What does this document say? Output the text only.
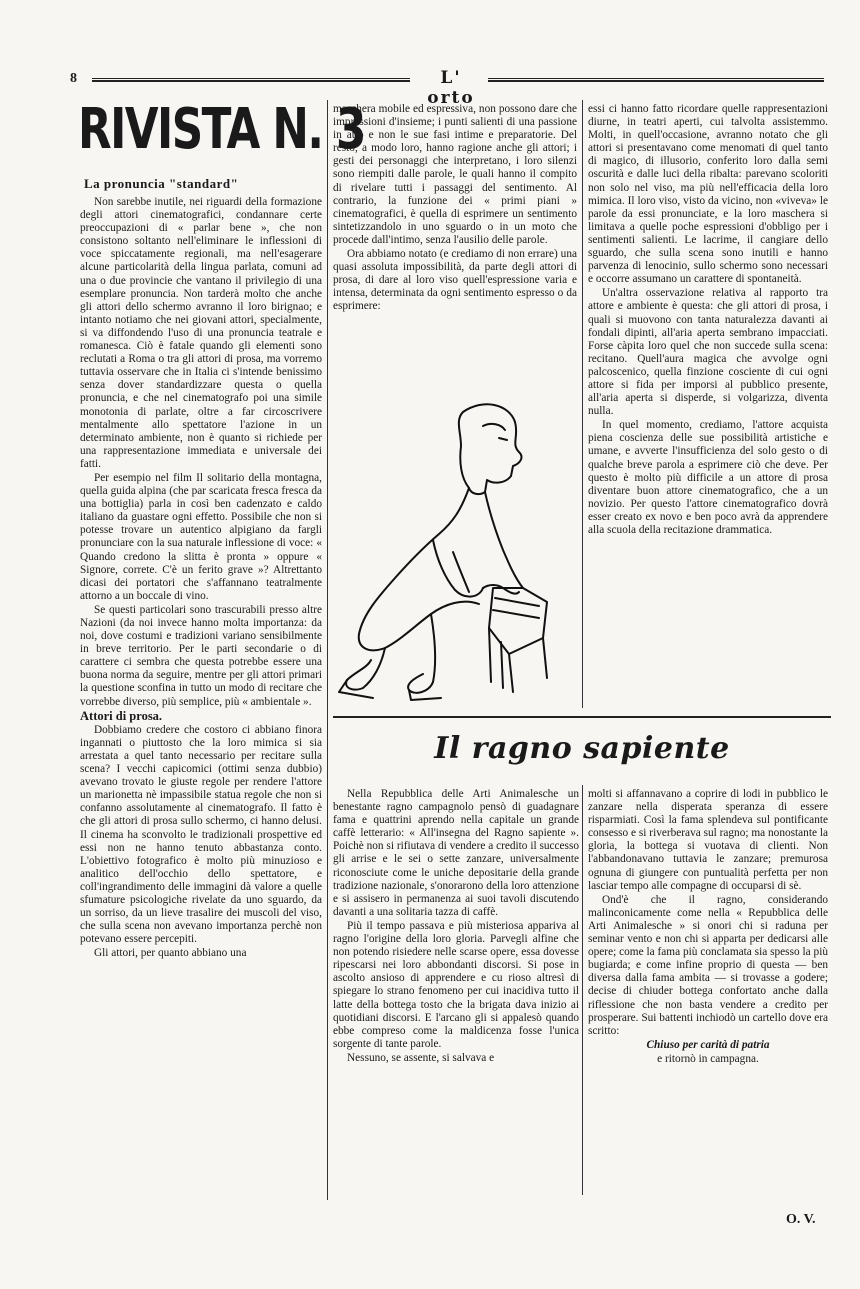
8	L' orto
RIVISTA N. 3
La pronuncia "standard"

Non sarebbe inutile, nei riguardi della formazione degli attori cinematografici, condannare certe preoccupazioni di « parlar bene », che non consistono soltanto nell'eliminare le inflessioni di voce spiccatamente regionali, ma nell'esagerare alcune particolarità della lingua parlata, comuni ad una o due provincie che vantano il privilegio di una esemplare pronuncia. Non tarderà molto che anche gli attori dello schermo avranno il loro birignao; e intanto notiamo che nei giovani attori, specialmente, si va diffondendo l'uso di una pronuncia teatrale e romanesca. Ciò è fatale quando gli elementi sono reclutati a Roma o tra gli attori di prosa, ma vorremo tuttavia osservare che in Italia ci s'intende benissimo senza dover standardizzare questa o quella pronuncia, e che nel cinematografo poi una simile monotonia di parlate, oltre a far circoscrivere mentalmente allo spettatore l'azione in un determinato ambiente, non è quanto si richiede per una rappresentazione immediata e universale dei fatti.

Per esempio nel film Il solitario della montagna, quella guida alpina (che par scaricata fresca fresca da una bottiglia) parla in così ben cadenzato e caldo italiano da guastare ogni effetto. Possibile che non si potesse trovare un autentico alpigiano da fargli pronunciare con la sua naturale inflessione di voce: « Quando credono la slitta è pronta » oppure « Signore, correte. C'è un ferito grave »? Altrettanto dicasi dei portatori che s'affannano teatralmente attorno a un boccale di vino.

Se questi particolari sono trascurabili presso altre Nazioni (da noi invece hanno molta importanza: da noi, dove costumi e tradizioni variano sensibilmente in breve territorio. Per le parti secondarie o di carattere ci sembra che questa potrebbe essere una buona norma da seguire, mentre per gli attori primari la questione sconfina in tutto un modo di recitare che vorrebbe diverso, più semplice, più « ambientale ».

Attori di prosa.

Dobbiamo credere che costoro ci abbiano finora ingannati o piuttosto che la loro mimica si sia arrestata a quel tanto necessario per recitare sulla scena? I vecchi capicomici (ottimi senza dubbio) avevano trovato le giuste regole per rendere l'attore un marionetta nè impassibile statua regole che non si confanno assolutamente al cinematografo. Il fatto è che gli attori di prosa sullo schermo, ci hanno delusi. Il cinema ha sconvolto le tradizionali prospettive ed essi non ne hanno tenuto abbastanza conto. L'obiettivo fotografico è molto più minuzioso e analitico dell'occhio dello spettatore, e coll'ingrandimento delle immagini dà valore a quelle sfumature psicologiche rivelate da uno sguardo, da un sorriso, da un lieve trasalire dei muscoli del viso, che sulla scena non avevano importanza perchè non potevano essere percepiti.

Gli attori, per quanto abbiano una

maschera mobile ed espressiva, non possono dare che impressioni d'insieme; i punti salienti di una passione in atto e non le sue fasi intime e preparatorie. Del resto, a modo loro, hanno ragione anche gli attori; i gesti dei personaggi che interpretano, i loro silenzi sono riempiti dalle parole, le quali hanno il compito di rivelare tutti i passaggi del sentimento. Al contrario, la funzione dei « primi piani » cinematografici, è quella di esprimere un sentimento sintetizzandolo in uno sguardo o in un moto che procede dall'intimo, senza l'ausilio delle parole.

Ora abbiamo notato (e crediamo di non errare) una quasi assoluta impossibilità, da parte degli attori di prosa, di dare al loro viso quell'espressione varia e intensa, determinata da ogni sentimento espresso o da esprimere:

essi ci hanno fatto ricordare quelle rappresentazioni diurne, in teatri aperti, cui talvolta assistemmo. Molti, in quell'occasione, avranno notato che gli attori si presentavano come menomati di quel tanto di magico, di illusorio, conferito loro dalla semi oscurità e dalle luci della ribalta: parevano scoloriti non solo nel viso, ma più nell'efficacia della loro mimica. Il loro viso, visto da vicino, non «viveva» le parole da essi pronunciate, e la loro maschera si limitava a quelle poche espressioni d'obbligo per i sentimenti salienti. Le lacrime, il cangiare dello sguardo, che sulla scena sono inutili e hanno parvenza di lenocinio, sullo schermo sono necessari e occorre assumano un carattere di spontaneità.

Un'altra osservazione relativa al rapporto tra attore e ambiente è questa: che gli attori di prosa, i quali si muovono con tanta naturalezza davanti ai fondali dipinti, all'aria aperta sembrano impacciati. Forse càpita loro quel che non succede sulla scena: recitano. Quell'aura magica che avvolge ogni palcoscenico, quella finzione cosciente di cui ogni attore si fida per imporsi al pubblico presente, all'aria aperta si disperde, si volgarizza, diventa nulla.

In quel momento, crediamo, l'attore acquista piena coscienza delle sue possibilità artistiche e umane, e avverte l'insufficienza del solo gesto o di qualche breve parola a esprimere ciò che deve. Per questo è molto più difficile a un attore di prosa diventare buon attore cinematografico, che a un novizio. Per questo l'attore cinematografico dovrà esser creato ex novo e ben poco avrà da apprendere alla scuola della recitazione drammatica.

Il ragno sapiente

Nella Repubblica delle Arti Animalesche un benestante ragno campagnolo pensò di guadagnare fama e quattrini aprendo nella capitale un grande caffè letterario: « All'insegna del Ragno sapiente ». Poichè non si rifiutava di vendere a credito il successo gli arrise e le sei o sette zanzare, universalmente riconosciute come le uniche depositarie della grande tradizione nazionale, s'onorarono della loro attenzione e si assisero in permanenza ai suoi tavoli discutendo davanti a una solitaria tazza di caffè.

Più il tempo passava e più misteriosa appariva al ragno l'origine della loro gloria. Parvegli alfine che non potendo risiedere nelle scarse opere, essa dovesse ripescarsi nei loro abbondanti discorsi. Si pose in ascolto ansioso di apprendere e cu rioso altresì di spiegare lo strano fenomeno per cui inacidiva tutto il latte della bottega tosto che la brigata dava inizio ai quotidiani discorsi. E l'arcano gli si appalesò quando ebbe compreso come la maldicenza fosse l'unica sorgente di tante parole.

Nessuno, se assente, si salvava e

molti si affannavano a coprire di lodi in pubblico le zanzare nella disperata speranza di essere risparmiati. Così la fama splendeva sul pontificante consesso e si riverberava sul ragno; ma nonostante la gloria, la bottega si vuotava di clienti. Non l'abbandonavano tuttavia le zanzare; premurosa ognuna di giungere con puntualità perfetta per non lasciar tempo alle compagne di occuparsi di sè.

Ond'è che il ragno, considerando malinconicamente come nella « Repubblica delle Arti Animalesche » si onori chi si raduna per seminar vento e non chi si apparta per dedicarsi alle opere; come la fama più conclamata sia spesso la più bugiarda; e come infine proprio di questa — ben diversa dalla fama ambita — si trovasse a godere; decise di chiuder bottega confortato anche dalla riflessione che non basta vendere a credito per prosperare. Sui battenti inchiodò un cartello dove era scritto:

Chiuso per carità di patria

e ritornò in campagna.

O. V.
